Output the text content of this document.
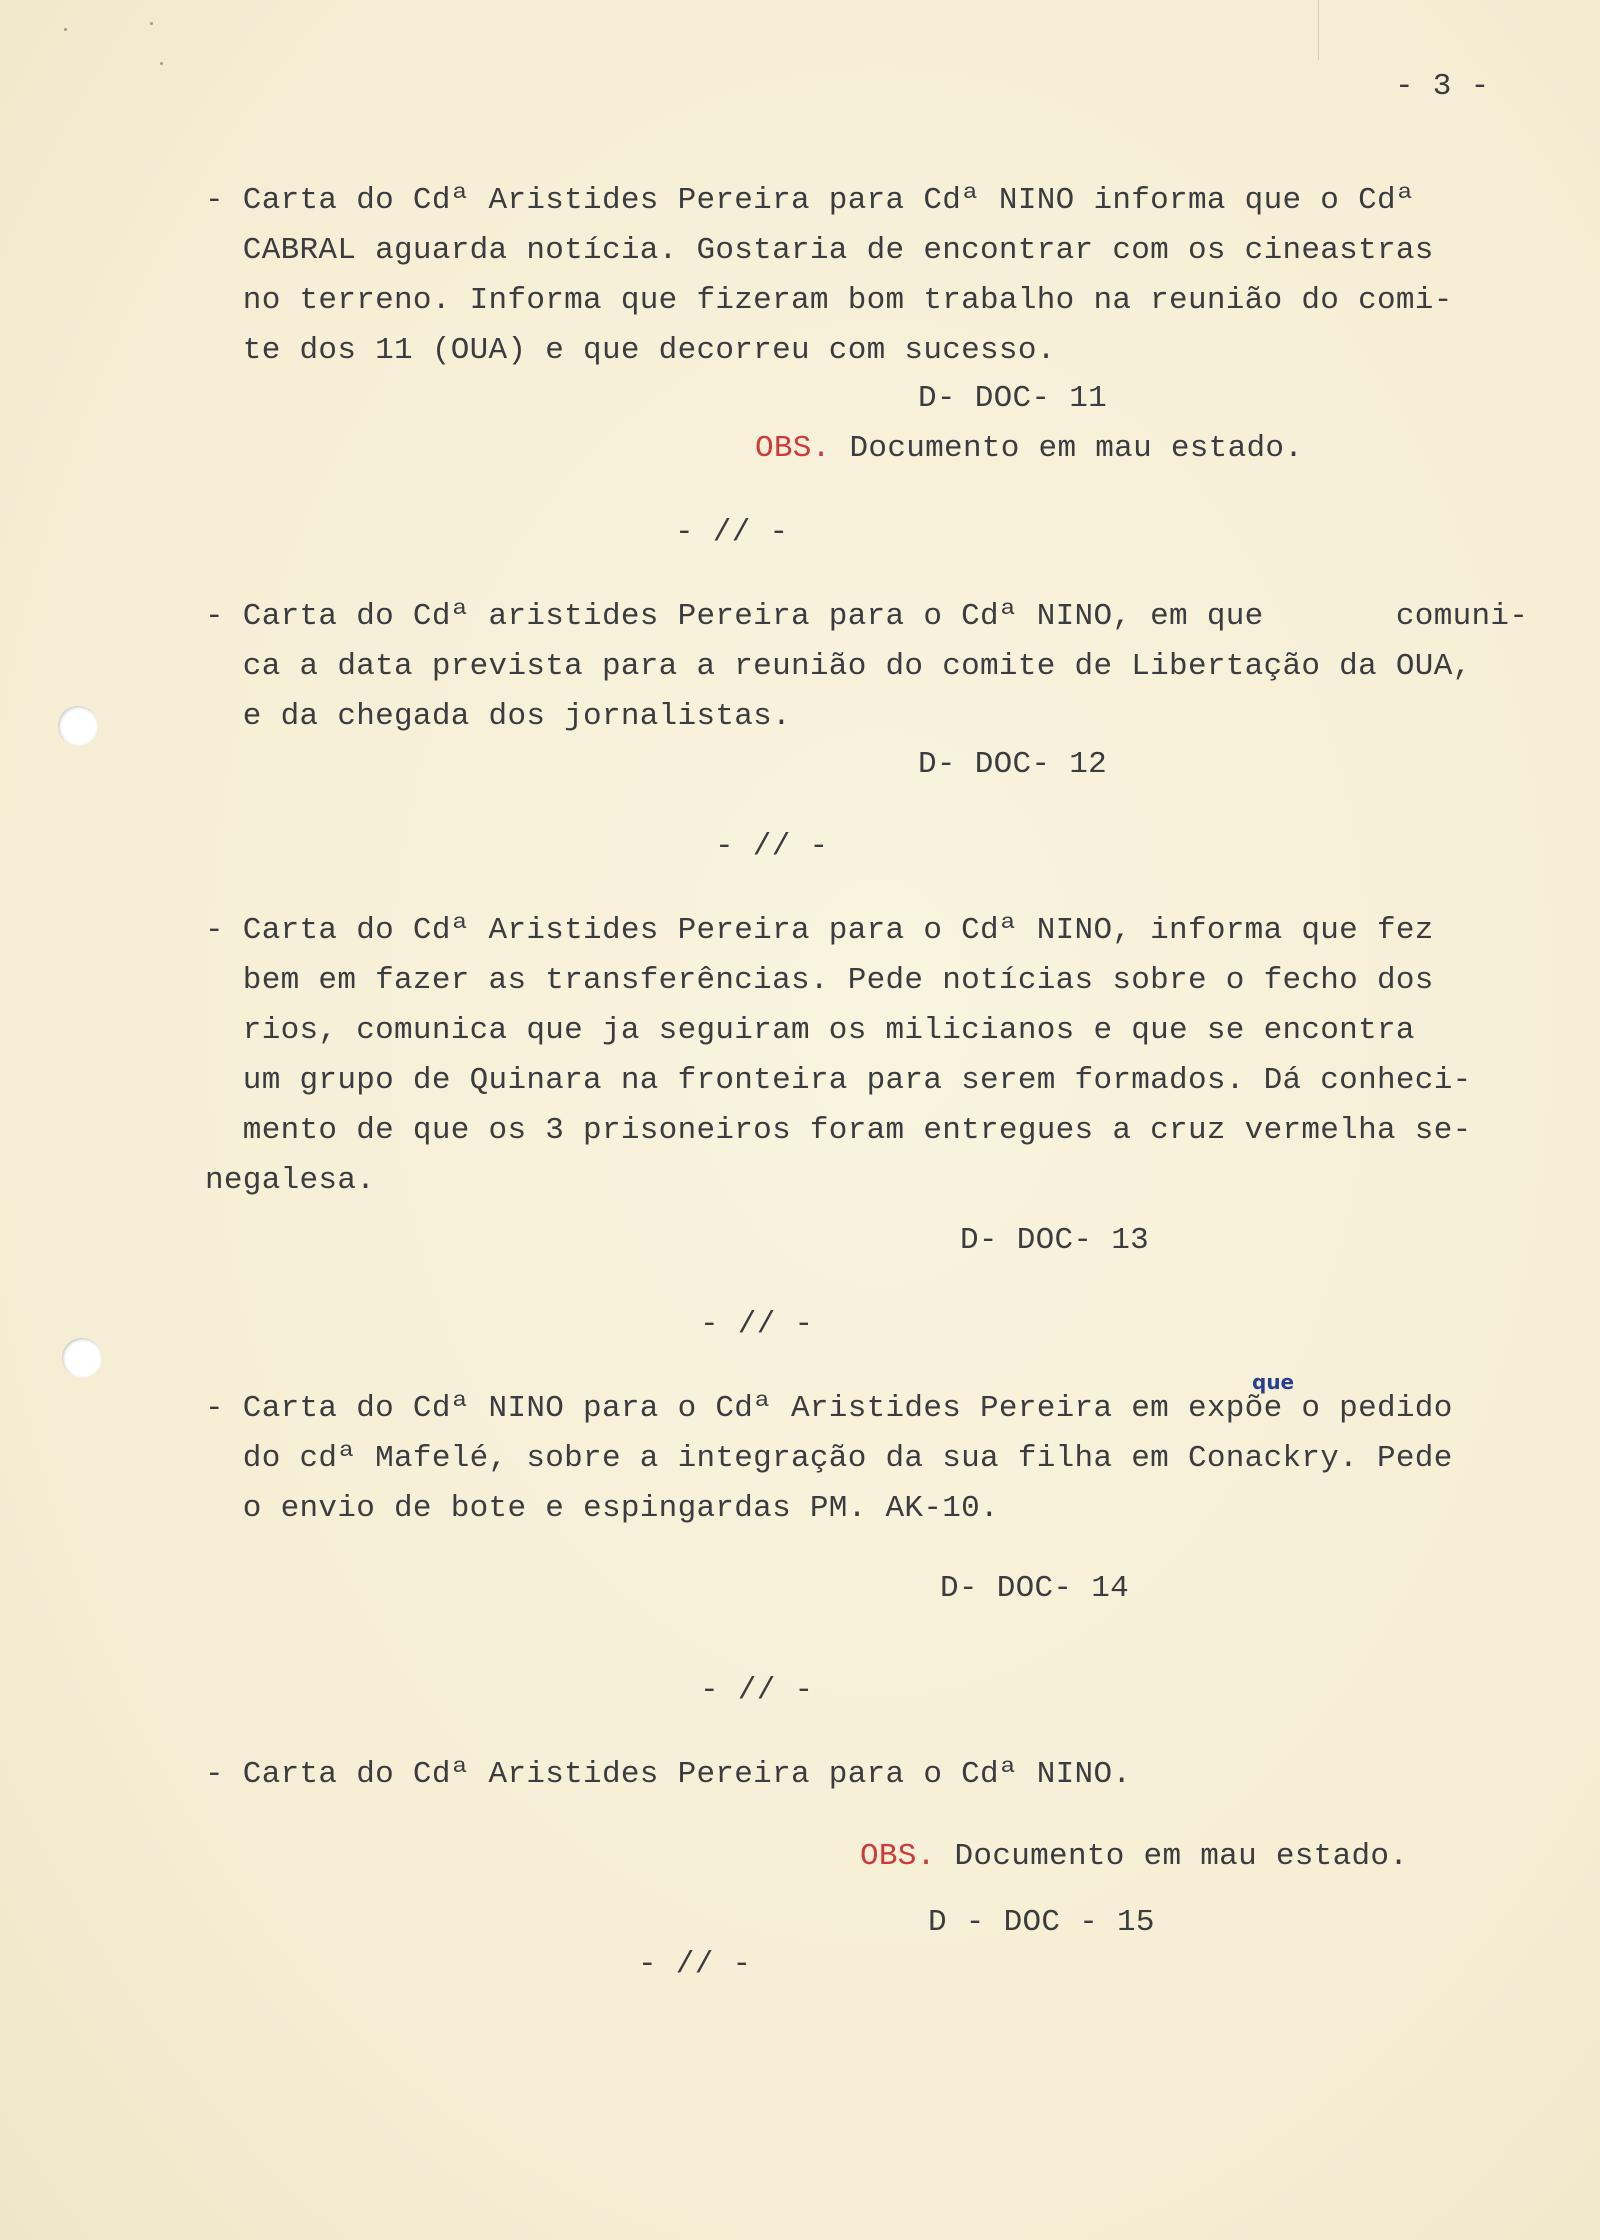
- 3 -
- Carta do Cdª Aristides Pereira para Cdª NINO informa que o Cdª
CABRAL aguarda notícia. Gostaria de encontrar com os cineastras
no terreno. Informa que fizeram bom trabalho na reunião do comi-
te dos 11 (OUA) e que decorreu com sucesso.
D- DOC- 11
OBS. Documento em mau estado.
- // -
- Carta do Cdª aristides Pereira para o Cdª NINO, em que       comuni-
ca a data prevista para a reunião do comite de Libertação da OUA,
e da chegada dos jornalistas.
D- DOC- 12
- // -
- Carta do Cdª Aristides Pereira para o Cdª NINO, informa que fez
bem em fazer as transferências. Pede notícias sobre o fecho dos
rios, comunica que ja seguiram os milicianos e que se encontra
um grupo de Quinara na fronteira para serem formados. Dá conheci-
mento de que os 3 prisoneiros foram entregues a cruz vermelha se-
negalesa.
D- DOC- 13
- // -
que
- Carta do Cdª NINO para o Cdª Aristides Pereira em expõe o pedido
do cdª Mafelé, sobre a integração da sua filha em Conackry. Pede
o envio de bote e espingardas PM. AK-10.
D- DOC- 14
- // -
- Carta do Cdª Aristides Pereira para o Cdª NINO.
OBS. Documento em mau estado.
D - DOC - 15
- // -
